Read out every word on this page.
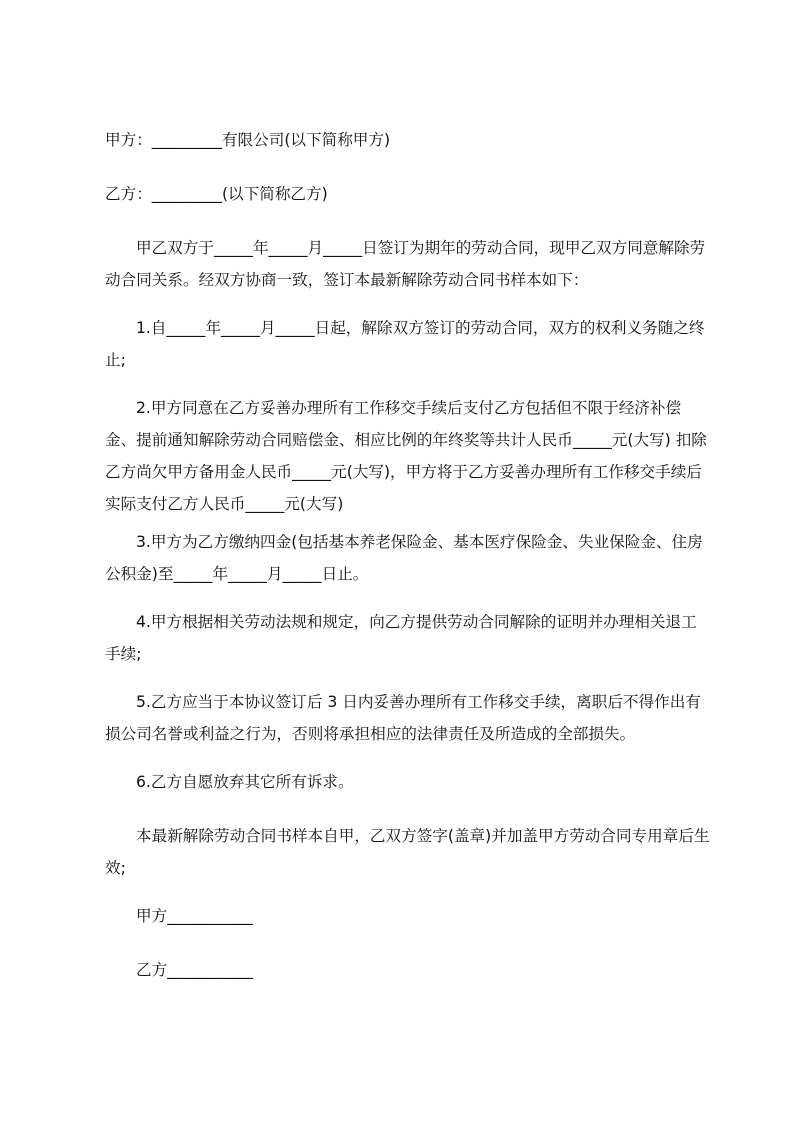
甲方：_________有限公司(以下简称甲方)

乙方：_________(以下简称乙方)

甲乙双方于_____年_____月_____日签订为期年的劳动合同，现甲乙双方同意解除劳动合同关系。经双方协商一致，签订本最新解除劳动合同书样本如下：

1.自_____年_____月_____日起，解除双方签订的劳动合同，双方的权利义务随之终止;

2.甲方同意在乙方妥善办理所有工作移交手续后支付乙方包括但不限于经济补偿金、提前通知解除劳动合同赔偿金、相应比例的年终奖等共计人民币_____元(大写) 扣除乙方尚欠甲方备用金人民币_____元(大写)，甲方将于乙方妥善办理所有工作移交手续后实际支付乙方人民币_____元(大写)

3.甲方为乙方缴纳四金(包括基本养老保险金、基本医疗保险金、失业保险金、住房公积金)至_____年_____月_____日止。

4.甲方根据相关劳动法规和规定，向乙方提供劳动合同解除的证明并办理相关退工手续;

5.乙方应当于本协议签订后 3 日内妥善办理所有工作移交手续，离职后不得作出有损公司名誉或利益之行为，否则将承担相应的法律责任及所造成的全部损失。

6.乙方自愿放弃其它所有诉求。

本最新解除劳动合同书样本自甲，乙双方签字(盖章)并加盖甲方劳动合同专用章后生效;

甲方___________

乙方___________
